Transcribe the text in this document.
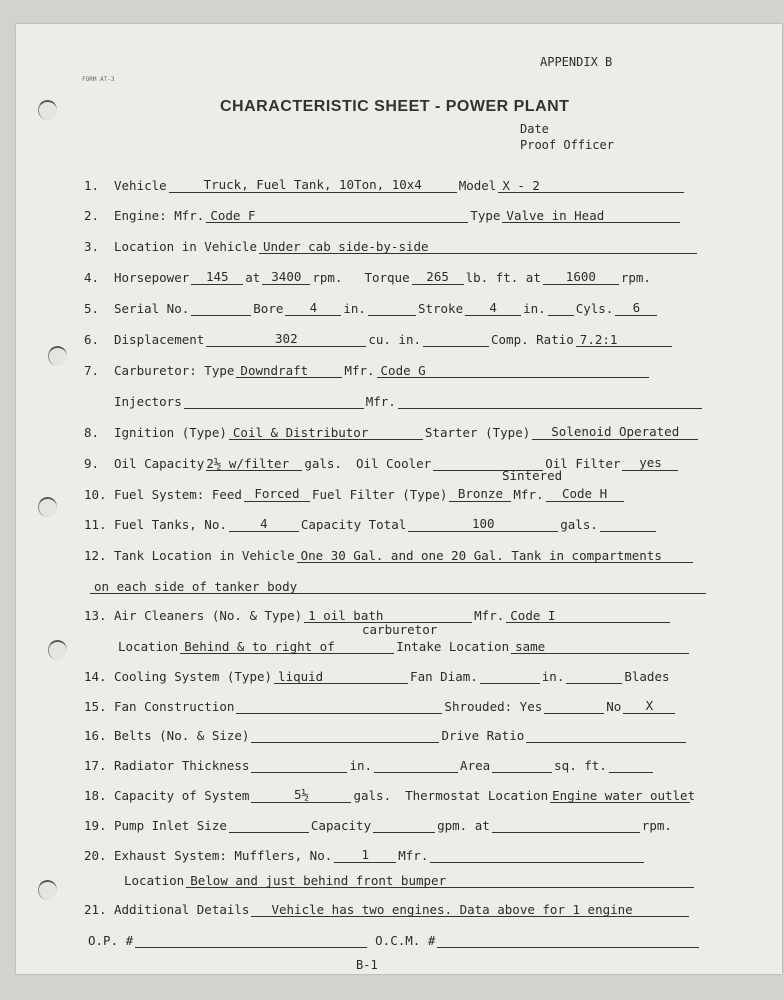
FORM AT-3
APPENDIX B
CHARACTERISTIC SHEET - POWER PLANT
Date
Proof Officer
1.	Vehicle	Truck, Fuel Tank, 10Ton, 10x4	Model X - 2
2.	Engine: Mfr. Code F	Type Valve in Head
3.	Location in Vehicle Under cab side-by-side
4.	Horsepower	145	at 3400 rpm. Torque	265	lb. ft. at	1600	rpm.
5.	Serial No.	Bore	4	in.	Stroke	4	in. Cyls.	6
6.	Displacement	302	cu. in.	Comp. Ratio 7.2:1
7.	Carburetor: Type Downdraft	Mfr. Code G
Injectors	Mfr.
8.	Ignition (Type) Coil & Distributor	Starter (Type)	Solenoid Operated
9.	Oil Capacity 2½ w/filter	gals. Oil Cooler	Oil Filter	yes
Sintered
10. Fuel System: Feed Forced Fuel Filter (Type) Bronze Mfr.	Code H
11. Fuel Tanks, No.	4	Capacity Total	100	gals.
12. Tank Location in Vehicle One 30 Gal. and one 20 Gal. Tank in compartments
on each side of tanker body
13. Air Cleaners (No. & Type) 1 oil bath	Mfr. Code I
carburetor
Location Behind & to right of	Intake Location same
14. Cooling System (Type) liquid	Fan Diam.	in.	Blades
15. Fan Construction	Shrouded: Yes	No	X
16. Belts (No. & Size)	Drive Ratio
17. Radiator Thickness	in.	Area	sq. ft.
18. Capacity of System	5½	gals. Thermostat Location Engine water outlet
19. Pump Inlet Size	Capacity	gpm. at	rpm.
20. Exhaust System: Mufflers, No.	1	Mfr.
Location Below and just behind front bumper
21. Additional Details	Vehicle has two engines. Data above for 1 engine
O.P. #	O.C.M. #
B-1
